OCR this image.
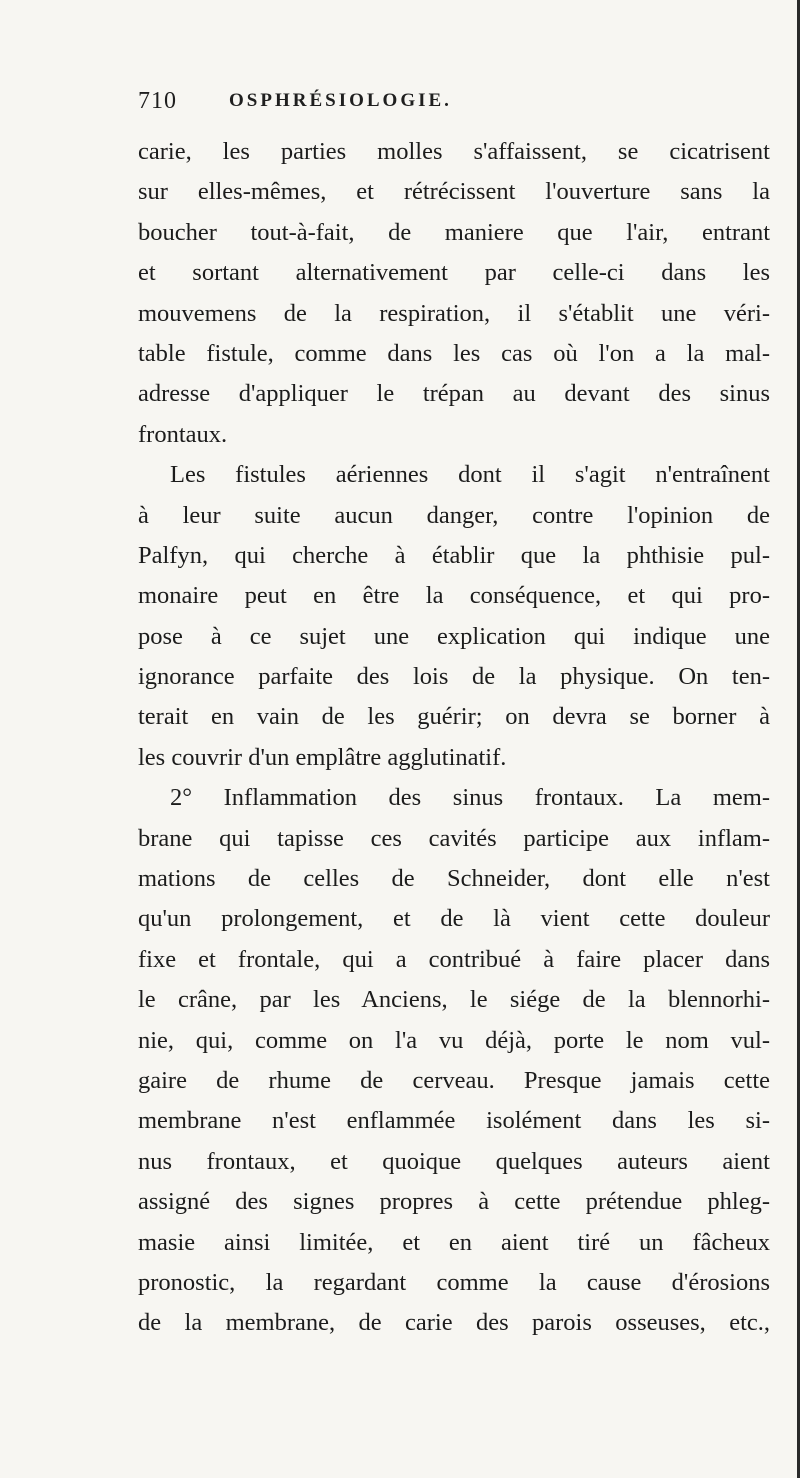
710	OSPHRÉSIOLOGIE.
carie, les parties molles s'affaissent, se cicatrisent
sur elles-mêmes, et rétrécissent l'ouverture sans la
boucher tout-à-fait, de maniere que l'air, entrant
et sortant alternativement par celle-ci dans les
mouvemens de la respiration, il s'établit une véri-
table fistule, comme dans les cas où l'on a la mal-
adresse d'appliquer le trépan au devant des sinus
frontaux.
Les fistules aériennes dont il s'agit n'entraînent
à leur suite aucun danger, contre l'opinion de
Palfyn, qui cherche à établir que la phthisie pul-
monaire peut en être la conséquence, et qui pro-
pose à ce sujet une explication qui indique une
ignorance parfaite des lois de la physique. On ten-
terait en vain de les guérir; on devra se borner à
les couvrir d'un emplâtre agglutinatif.
2° Inflammation des sinus frontaux. La mem-
brane qui tapisse ces cavités participe aux inflam-
mations de celles de Schneider, dont elle n'est
qu'un prolongement, et de là vient cette douleur
fixe et frontale, qui a contribué à faire placer dans
le crâne, par les Anciens, le siége de la blennorhi-
nie, qui, comme on l'a vu déjà, porte le nom vul-
gaire de rhume de cerveau. Presque jamais cette
membrane n'est enflammée isolément dans les si-
nus frontaux, et quoique quelques auteurs aient
assigné des signes propres à cette prétendue phleg-
masie ainsi limitée, et en aient tiré un fâcheux
pronostic, la regardant comme la cause d'érosions
de la membrane, de carie des parois osseuses, etc.,
